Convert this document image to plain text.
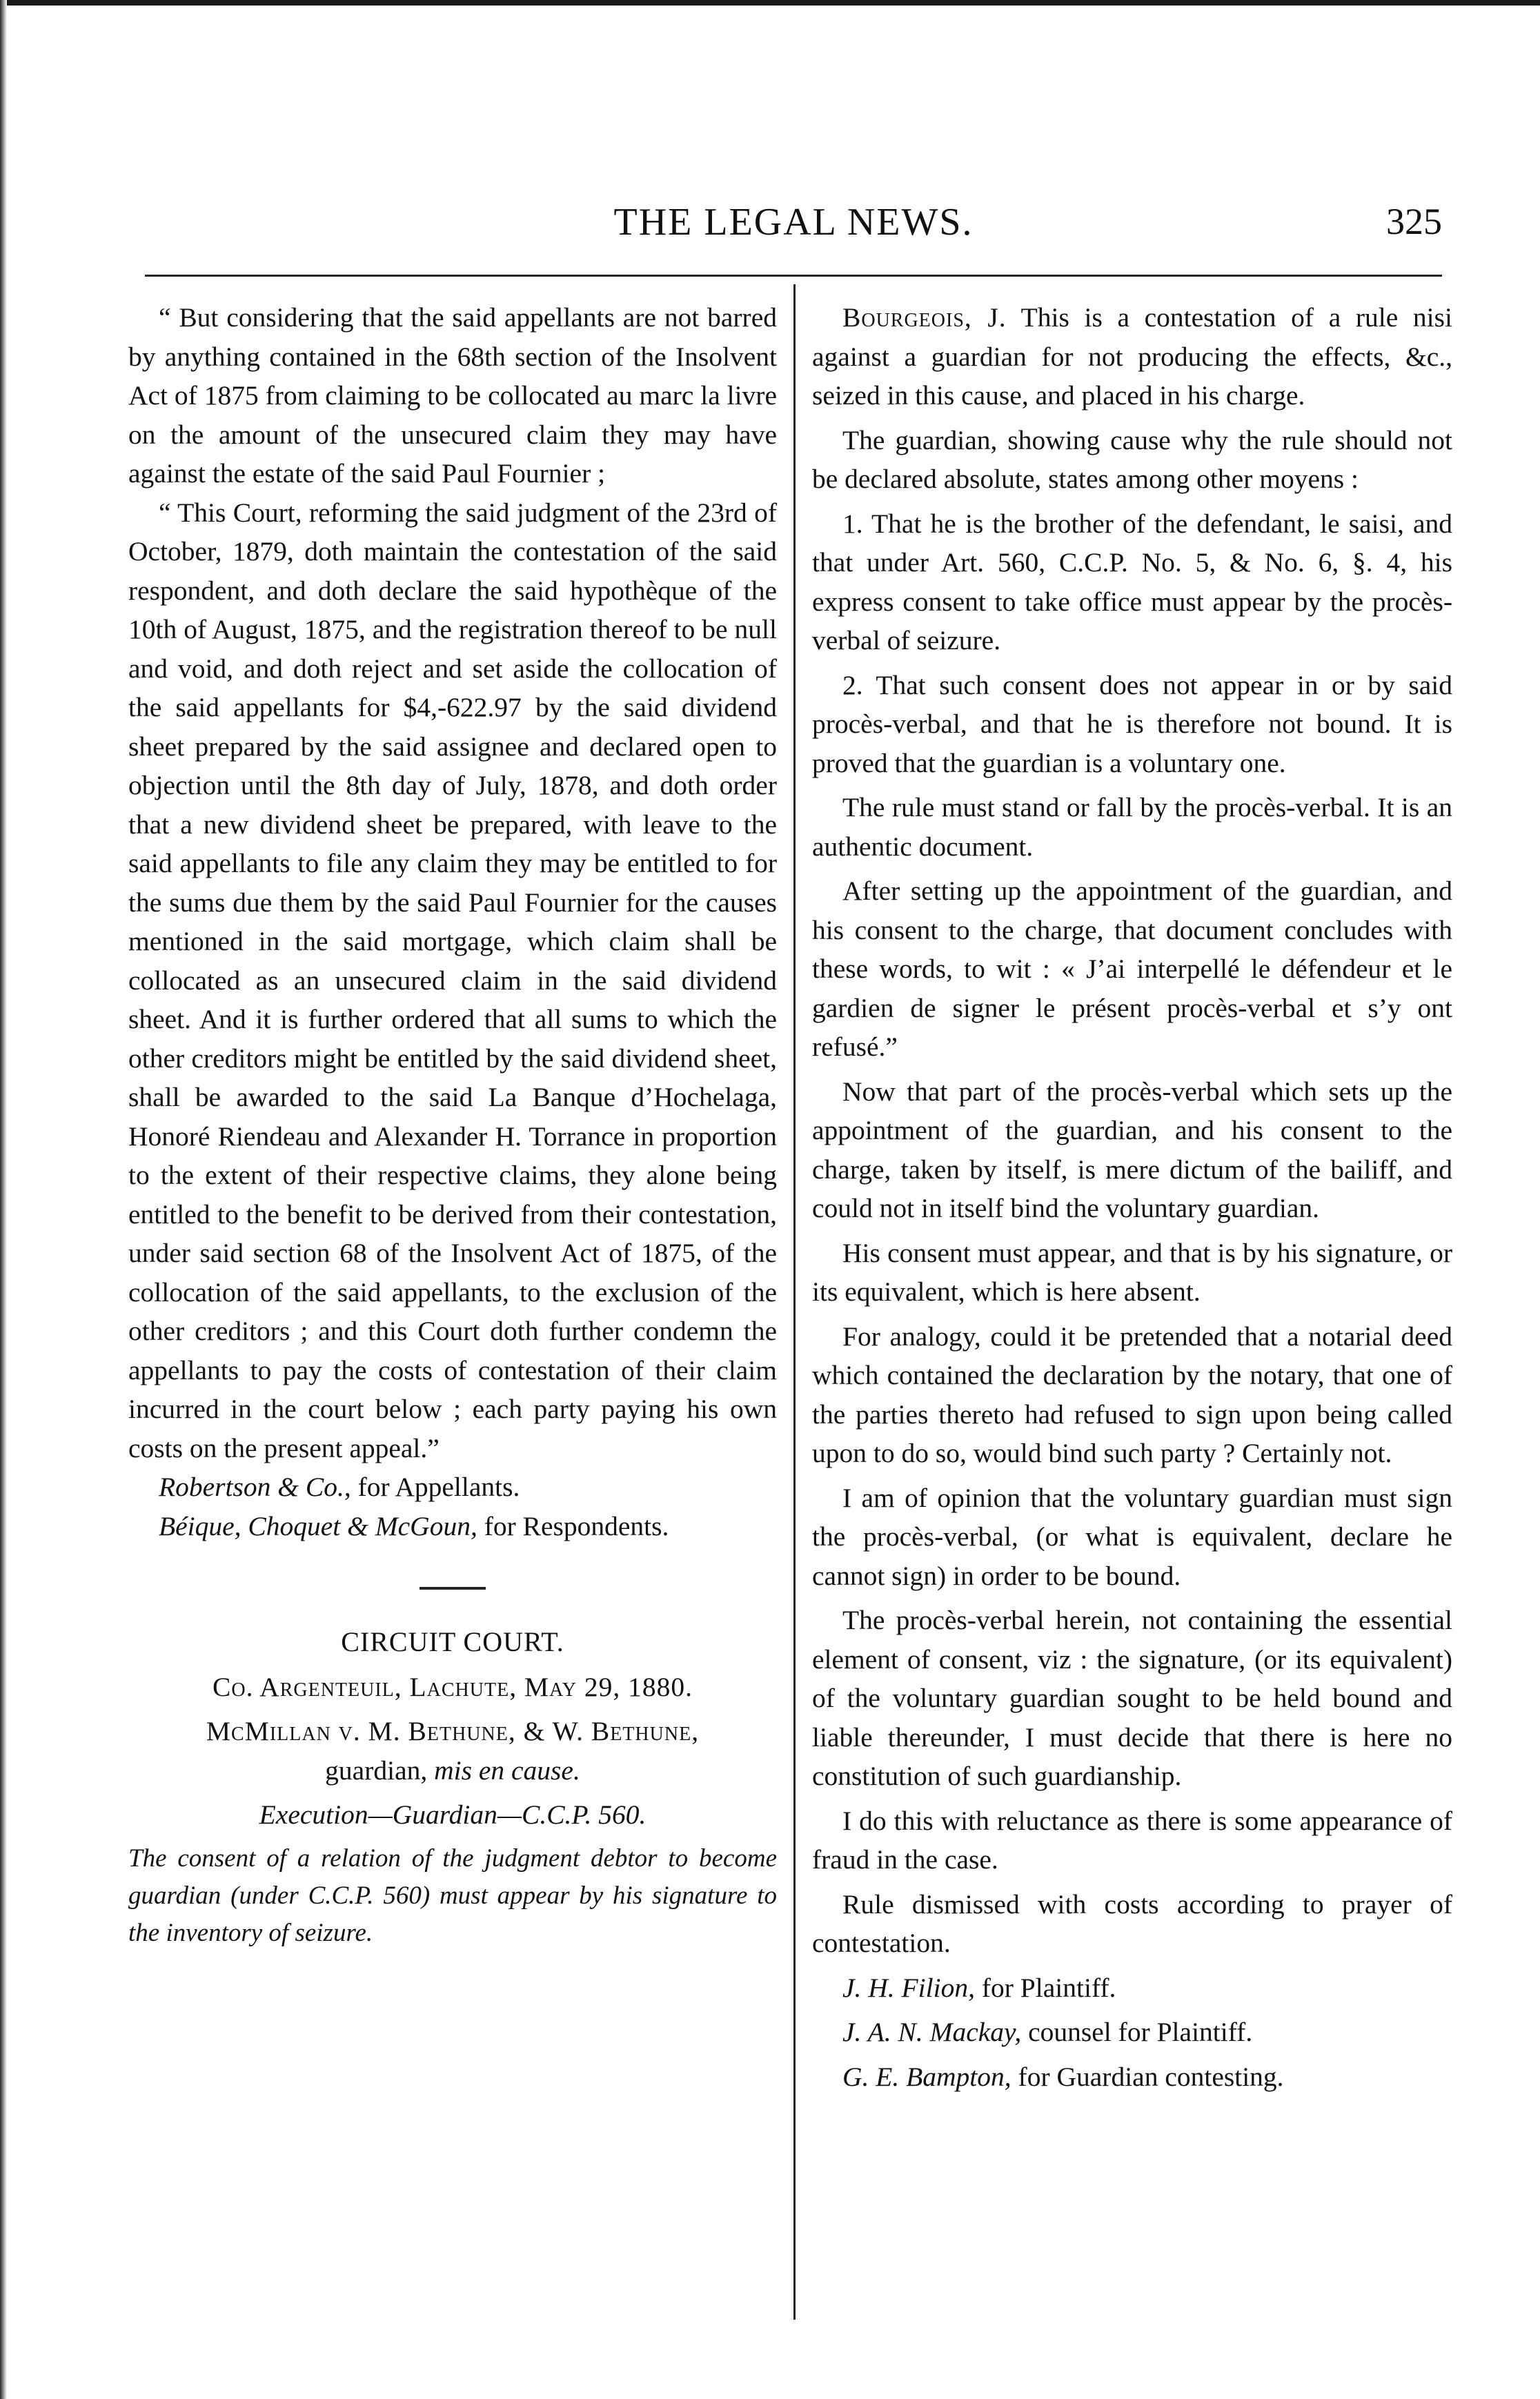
THE LEGAL NEWS.	325

“ But considering that the said appellants are not barred by anything contained in the 68th section of the Insolvent Act of 1875 from claiming to be collocated au marc la livre on the amount of the unsecured claim they may have against the estate of the said Paul Fournier ;

“ This Court, reforming the said judgment of the 23rd of October, 1879, doth maintain the contestation of the said respondent, and doth declare the said hypothèque of the 10th of August, 1875, and the registration thereof to be null and void, and doth reject and set aside the collocation of the said appellants for $4,-622.97 by the said dividend sheet prepared by the said assignee and declared open to objection until the 8th day of July, 1878, and doth order that a new dividend sheet be prepared, with leave to the said appellants to file any claim they may be entitled to for the sums due them by the said Paul Fournier for the causes mentioned in the said mortgage, which claim shall be collocated as an unsecured claim in the said dividend sheet. And it is further ordered that all sums to which the other creditors might be entitled by the said dividend sheet, shall be awarded to the said La Banque d’Hochelaga, Honoré Riendeau and Alexander H. Torrance in proportion to the extent of their respective claims, they alone being entitled to the benefit to be derived from their contestation, under said section 68 of the Insolvent Act of 1875, of the collocation of the said appellants, to the exclusion of the other creditors ; and this Court doth further condemn the appellants to pay the costs of contestation of their claim incurred in the court below ; each party paying his own costs on the present appeal.”

Robertson & Co., for Appellants.

Béique, Choquet & McGoun, for Respondents.

CIRCUIT COURT.

Co. Argenteuil, Lachute, May 29, 1880.

McMillan v. M. Bethune, & W. Bethune,
guardian, mis en cause.

Execution—Guardian—C.C.P. 560.

The consent of a relation of the judgment debtor to become guardian (under C.C.P. 560) must appear by his signature to the inventory of seizure.

Bourgeois, J. This is a contestation of a rule nisi against a guardian for not producing the effects, &c., seized in this cause, and placed in his charge.

The guardian, showing cause why the rule should not be declared absolute, states among other moyens :

1. That he is the brother of the defendant, le saisi, and that under Art. 560, C.C.P. No. 5, & No. 6, §. 4, his express consent to take office must appear by the procès-verbal of seizure.

2. That such consent does not appear in or by said procès-verbal, and that he is therefore not bound. It is proved that the guardian is a voluntary one.

The rule must stand or fall by the procès-verbal. It is an authentic document.

After setting up the appointment of the guardian, and his consent to the charge, that document concludes with these words, to wit : « J’ai interpellé le défendeur et le gardien de signer le présent procès-verbal et s’y ont refusé.”

Now that part of the procès-verbal which sets up the appointment of the guardian, and his consent to the charge, taken by itself, is mere dictum of the bailiff, and could not in itself bind the voluntary guardian.

His consent must appear, and that is by his signature, or its equivalent, which is here absent.

For analogy, could it be pretended that a notarial deed which contained the declaration by the notary, that one of the parties thereto had refused to sign upon being called upon to do so, would bind such party ? Certainly not.

I am of opinion that the voluntary guardian must sign the procès-verbal, (or what is equivalent, declare he cannot sign) in order to be bound.

The procès-verbal herein, not containing the essential element of consent, viz : the signature, (or its equivalent) of the voluntary guardian sought to be held bound and liable thereunder, I must decide that there is here no constitution of such guardianship.

I do this with reluctance as there is some appearance of fraud in the case.

Rule dismissed with costs according to prayer of contestation.

J. H. Filion, for Plaintiff.

J. A. N. Mackay, counsel for Plaintiff.

G. E. Bampton, for Guardian contesting.
